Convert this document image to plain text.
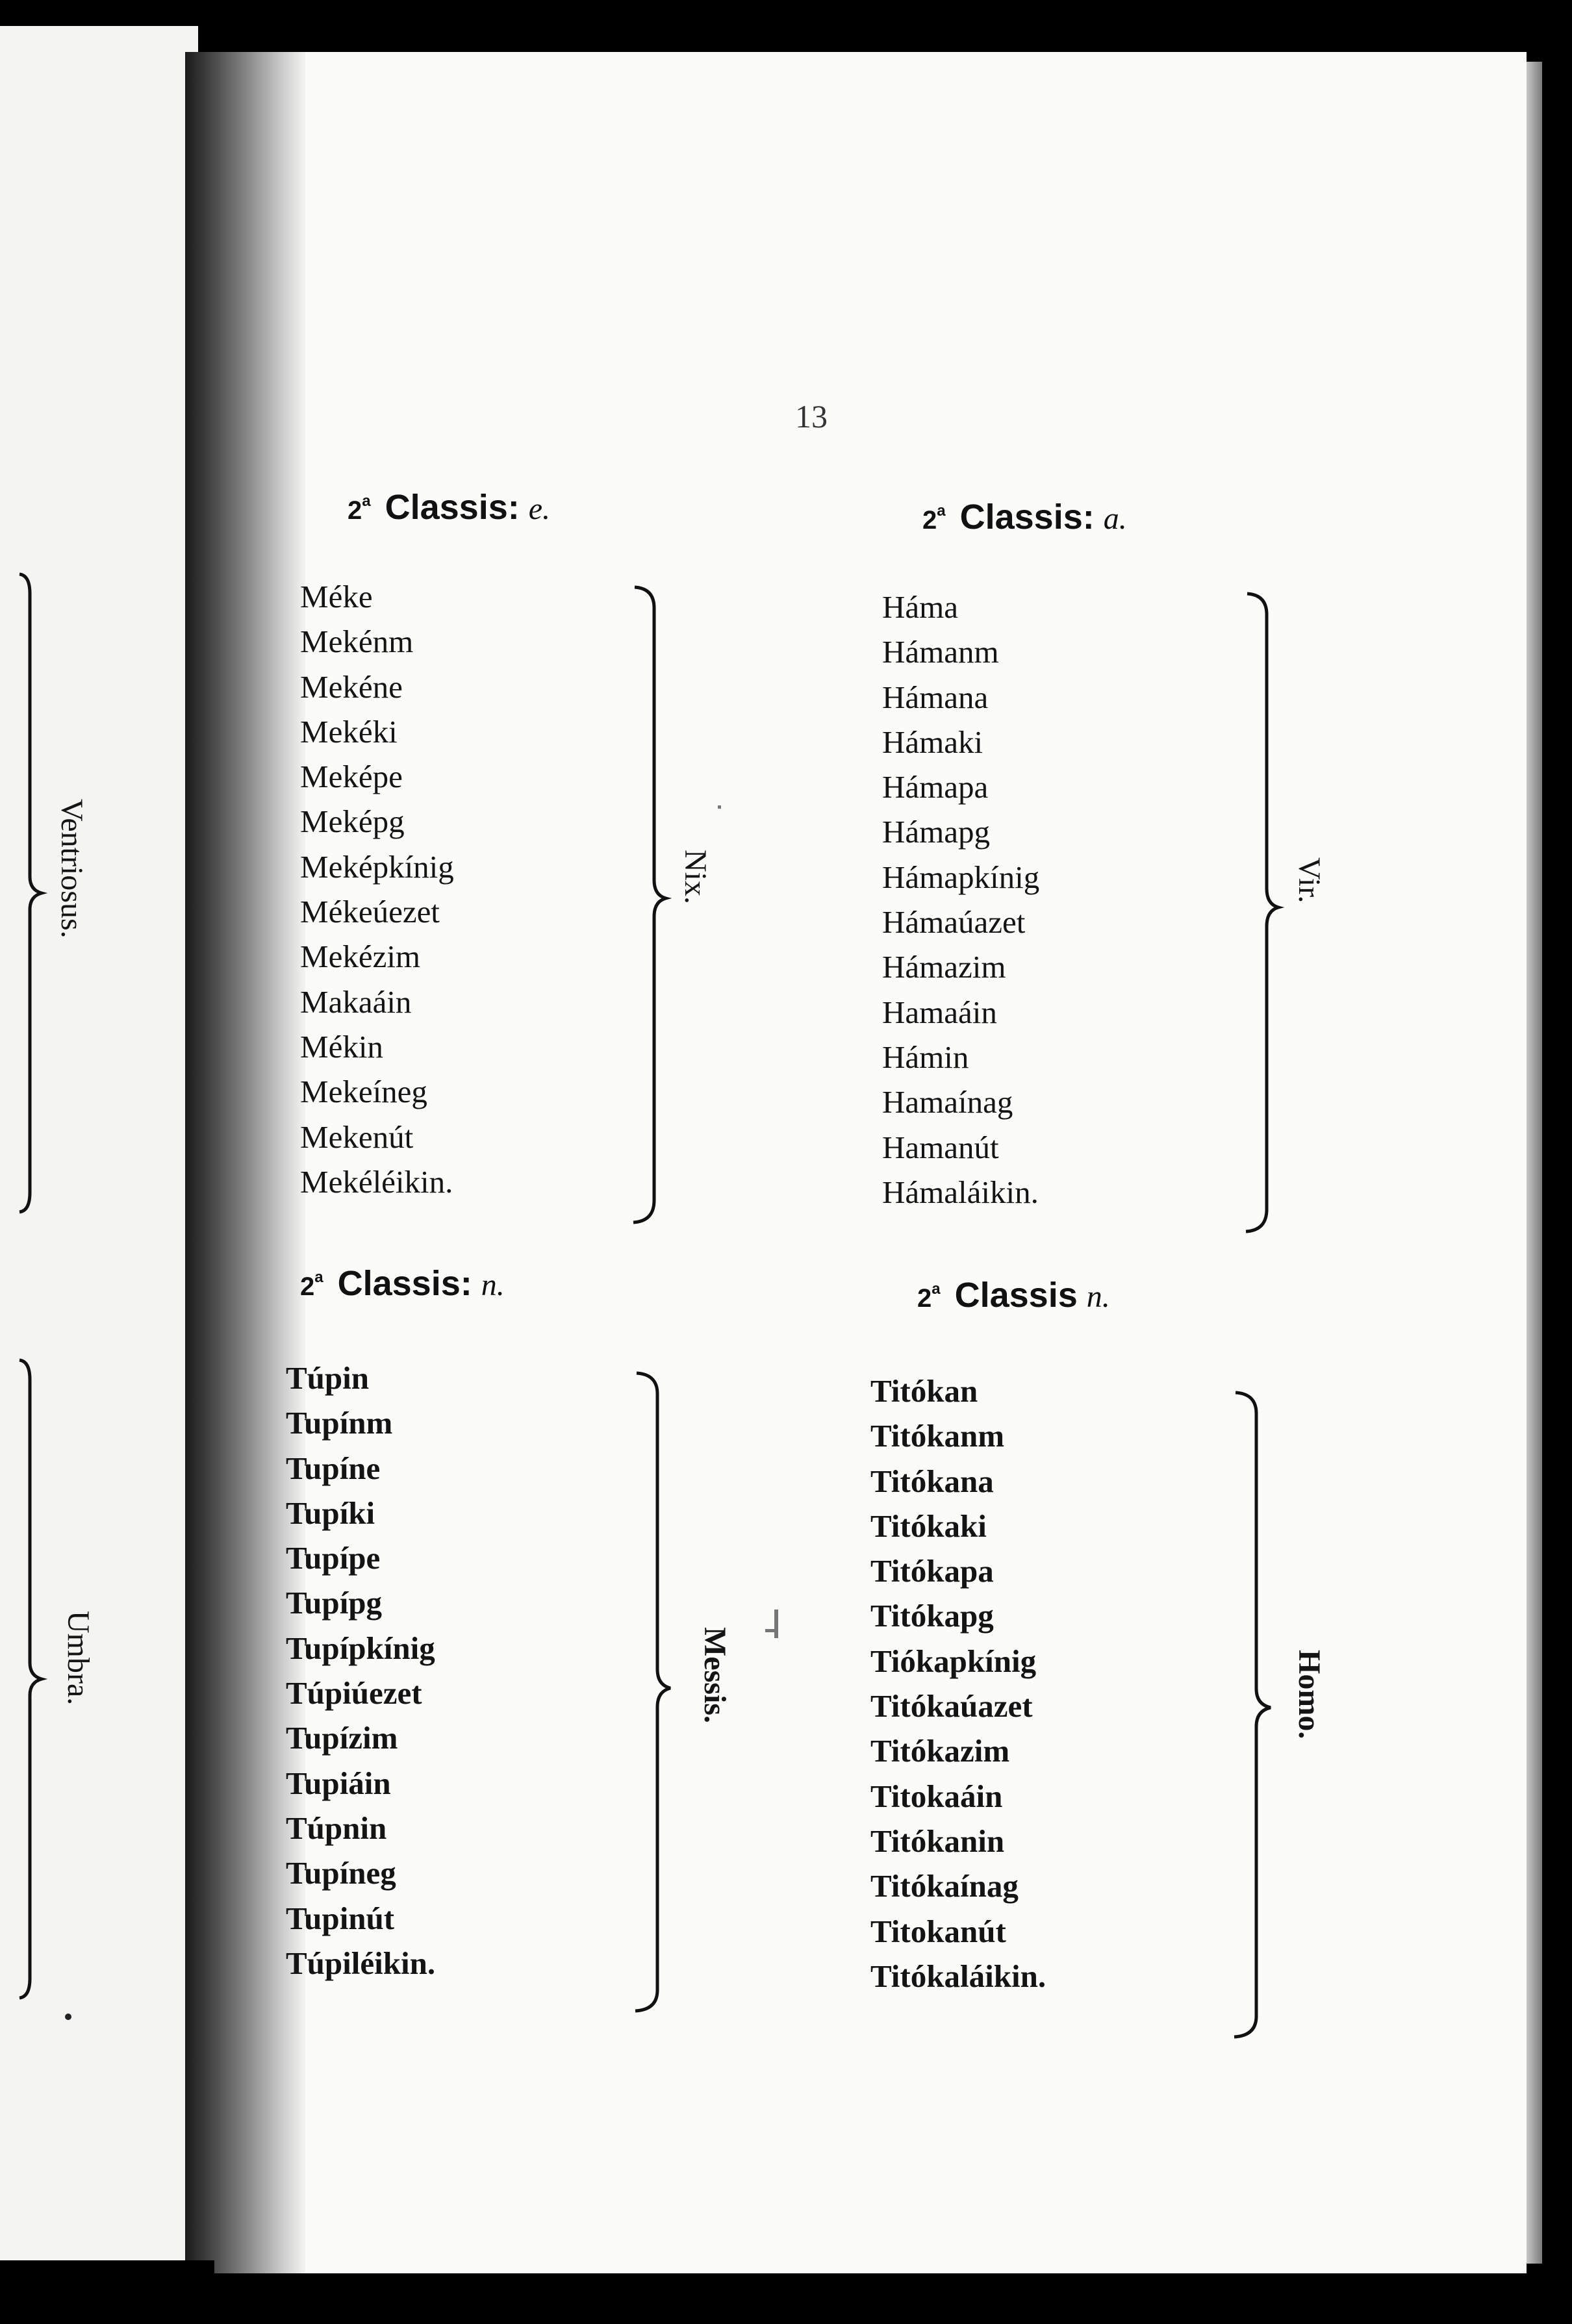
Ventriosus.
Umbra.
13
2$^a$ Classis: e.
Méke
Mekénm
Mekéne
Mekéki
Meképe
Meképg
Meképkínig
Mékeúezet
Mekézim
Makaáin
Mékin
Mekeíneg
Mekenút
Mekéléikin.
Nix.
2$^a$ Classis: a.
Háma
Hámanm
Hámana
Hámaki
Hámapa
Hámapg
Hámapkínig
Hámaúazet
Hámazim
Hamaáin
Hámin
Hamaínag
Hamanút
Hámaláikin.
Vir.
2$^a$ Classis: n.
Túpin
Tupínm
Tupíne
Tupíki
Tupípe
Tupípg
Tupípkínig
Túpiúezet
Tupízim
Tupiáin
Túpnin
Tupíneg
Tupinút
Túpiléikin.
Messis.
2$^a$ Classis n.
Titókan
Titókanm
Titókana
Titókaki
Titókapa
Titókapg
Tiókapkínig
Titókaúazet
Titókazim
Titokaáin
Titókanin
Titókaínag
Titokanút
Titókaláikin.
Homo.
